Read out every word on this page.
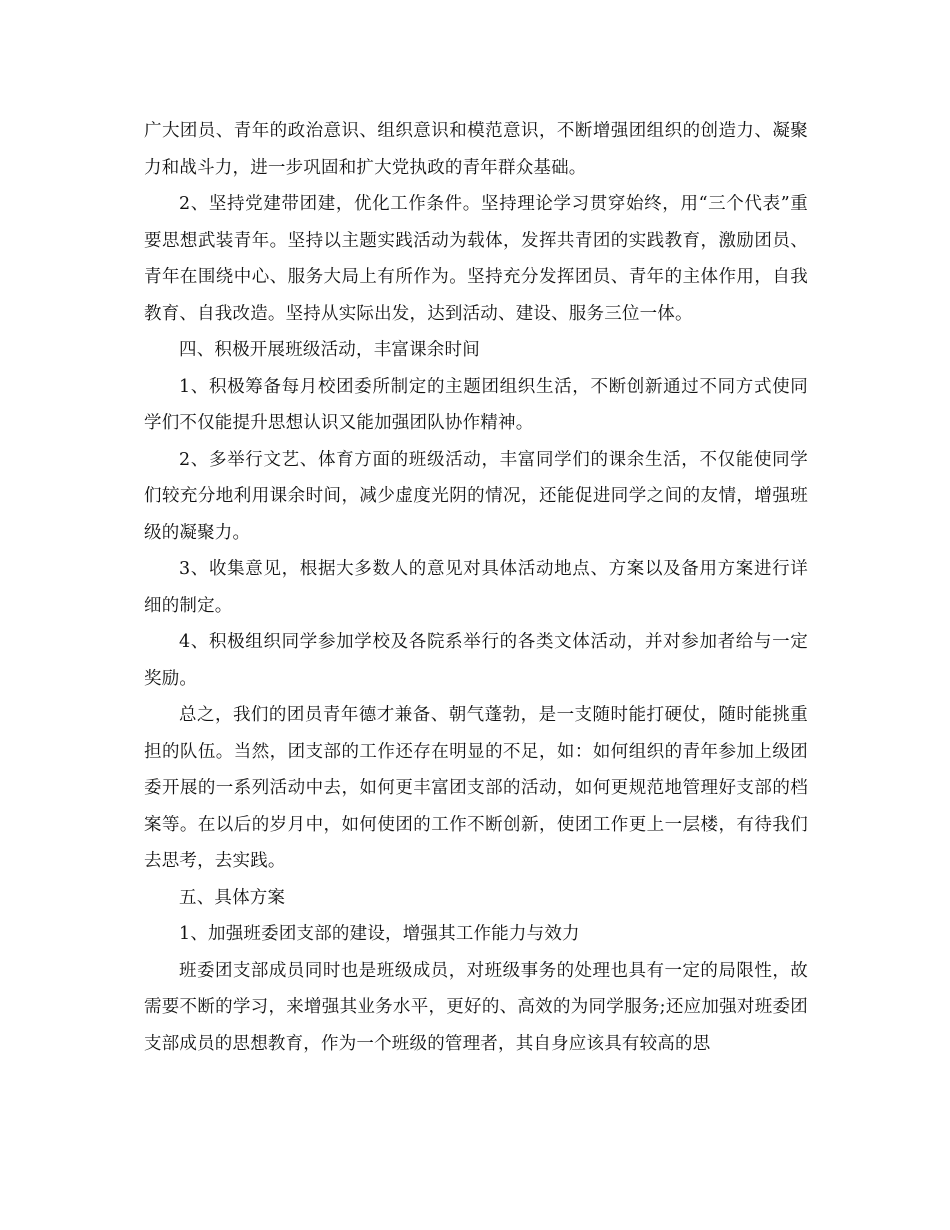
广大团员、青年的政治意识、组织意识和模范意识，不断增强团组织的创造力、凝聚力和战斗力，进一步巩固和扩大党执政的青年群众基础。

2、坚持党建带团建，优化工作条件。坚持理论学习贯穿始终，用“三个代表”重要思想武装青年。坚持以主题实践活动为载体，发挥共青团的实践教育，激励团员、青年在围绕中心、服务大局上有所作为。坚持充分发挥团员、青年的主体作用，自我教育、自我改造。坚持从实际出发，达到活动、建设、服务三位一体。

四、积极开展班级活动，丰富课余时间

1、积极筹备每月校团委所制定的主题团组织生活，不断创新通过不同方式使同学们不仅能提升思想认识又能加强团队协作精神。

2、多举行文艺、体育方面的班级活动，丰富同学们的课余生活，不仅能使同学们较充分地利用课余时间，减少虚度光阴的情况，还能促进同学之间的友情，增强班级的凝聚力。

3、收集意见，根据大多数人的意见对具体活动地点、方案以及备用方案进行详细的制定。

4、积极组织同学参加学校及各院系举行的各类文体活动，并对参加者给与一定奖励。

总之，我们的团员青年德才兼备、朝气蓬勃，是一支随时能打硬仗，随时能挑重担的队伍。当然，团支部的工作还存在明显的不足，如：如何组织的青年参加上级团委开展的一系列活动中去，如何更丰富团支部的活动，如何更规范地管理好支部的档案等。在以后的岁月中，如何使团的工作不断创新，使团工作更上一层楼，有待我们去思考，去实践。

五、具体方案

1、加强班委团支部的建设，增强其工作能力与效力

班委团支部成员同时也是班级成员，对班级事务的处理也具有一定的局限性，故需要不断的学习，来增强其业务水平，更好的、高效的为同学服务;还应加强对班委团支部成员的思想教育，作为一个班级的管理者，其自身应该具有较高的思
